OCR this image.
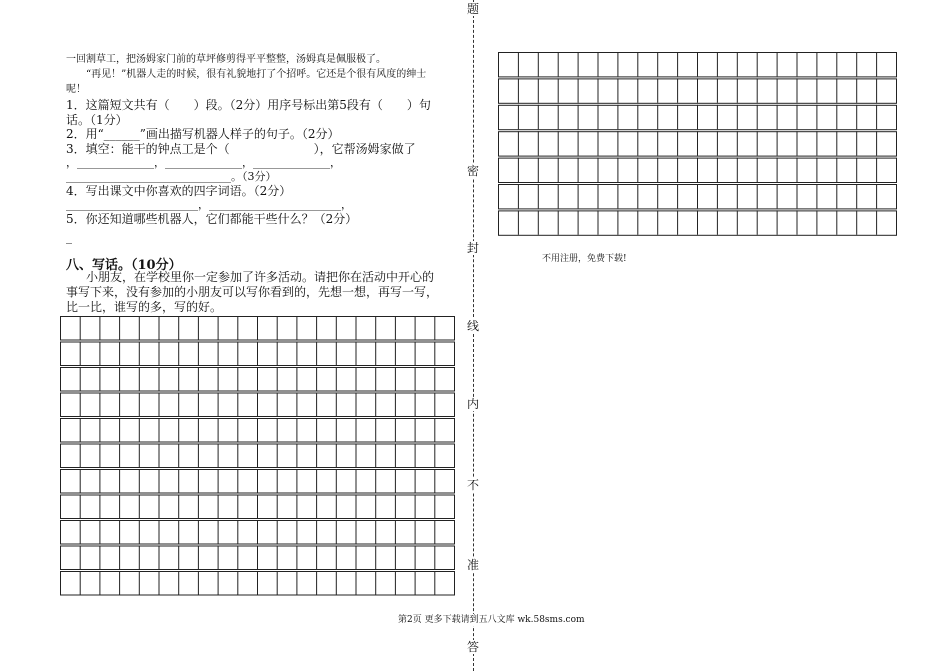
一回割草工，把汤姆家门前的草坪修剪得平平整整，汤姆真是佩服极了。
“再见！”机器人走的时候，很有礼貌地打了个招呼。它还是个很有风度的绅士
呢！
1．这篇短文共有（　　）段。（2分）用序号标出第5段有（　　）句
话。（1分）
2．用“______”画出描写机器人样子的句子。（2分）
3．填空：能干的钟点工是个（　　　　　　　），它帮汤姆家做了
，______________，______________，______________，
______________________________。（3分）
4．写出课文中你喜欢的四字词语。（2分）
________________________，________________________，
5．你还知道哪些机器人，它们都能干些什么？（2分）
_
八、写话。（10分）
小朋友，在学校里你一定参加了许多活动。请把你在活动中开心的
事写下来，没有参加的小朋友可以写你看到的，先想一想，再写一写，
比一比，谁写的多，写的好。
不用注册，免费下载!
题
密
封
线
内
不
准
答
第2页 更多下载请到五八文库 wk.58sms.com
